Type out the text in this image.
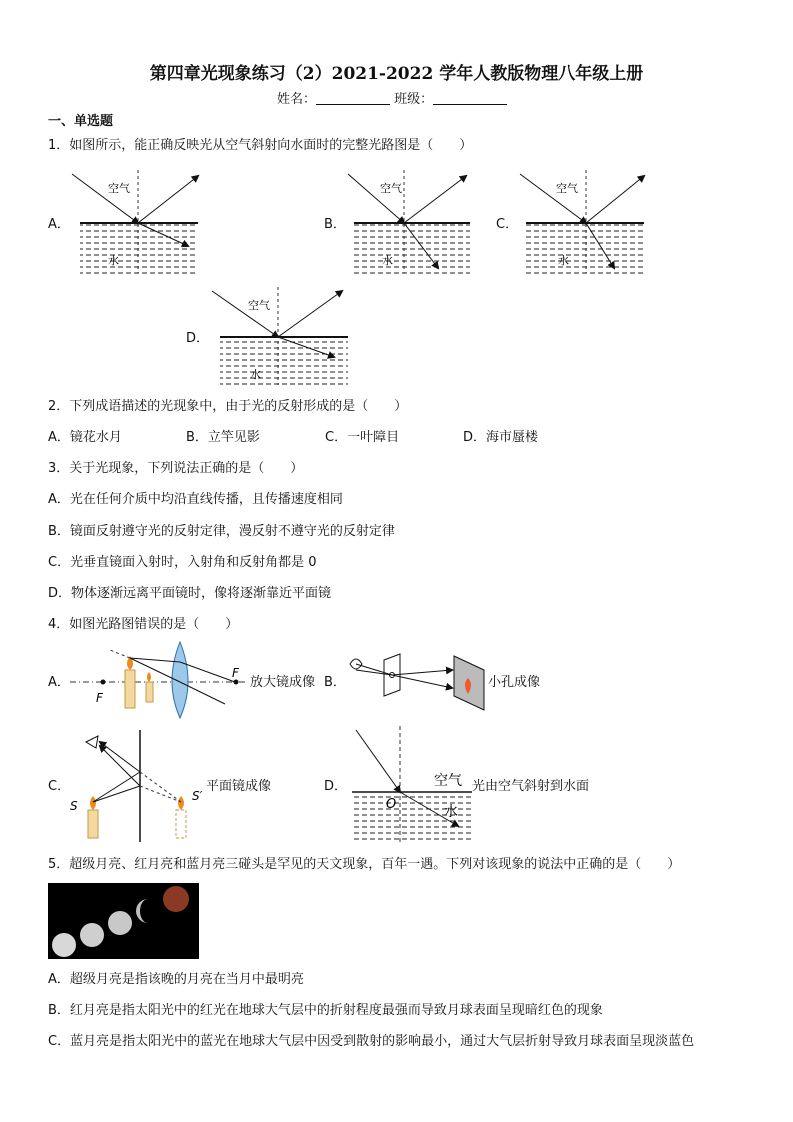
第四章光现象练习（2）2021-2022 学年人教版物理八年级上册
姓名：	班级：
一、单选题
1．如图所示，能正确反映光从空气斜射向水面时的完整光路图是（　　）
A．	B．	C．
D．
空气
水
空气
水
空气
水
空气
水
2．下列成语描述的光现象中，由于光的反射形成的是（　　）
A．镜花水月	B．立竿见影	C．一叶障目	D．海市蜃楼
3．关于光现象，下列说法正确的是（　　）
A．光在任何介质中均沿直线传播，且传播速度相同
B．镜面反射遵守光的反射定律，漫反射不遵守光的反射定律
C．光垂直镜面入射时，入射角和反射角都是 0
D．物体逐渐远离平面镜时，像将逐渐靠近平面镜
4．如图光路图错误的是（　　）
A．	放大镜成像 B．	小孔成像
C．	平面镜成像	D．	光由空气斜射到水面
F
F
S
S′
O
空气
水
5．超级月亮、红月亮和蓝月亮三碰头是罕见的天文现象，百年一遇。下列对该现象的说法中正确的是（　　）
A．超级月亮是指该晚的月亮在当月中最明亮
B．红月亮是指太阳光中的红光在地球大气层中的折射程度最强而导致月球表面呈现暗红色的现象
C．蓝月亮是指太阳光中的蓝光在地球大气层中因受到散射的影响最小，通过大气层折射导致月球表面呈现淡蓝色
